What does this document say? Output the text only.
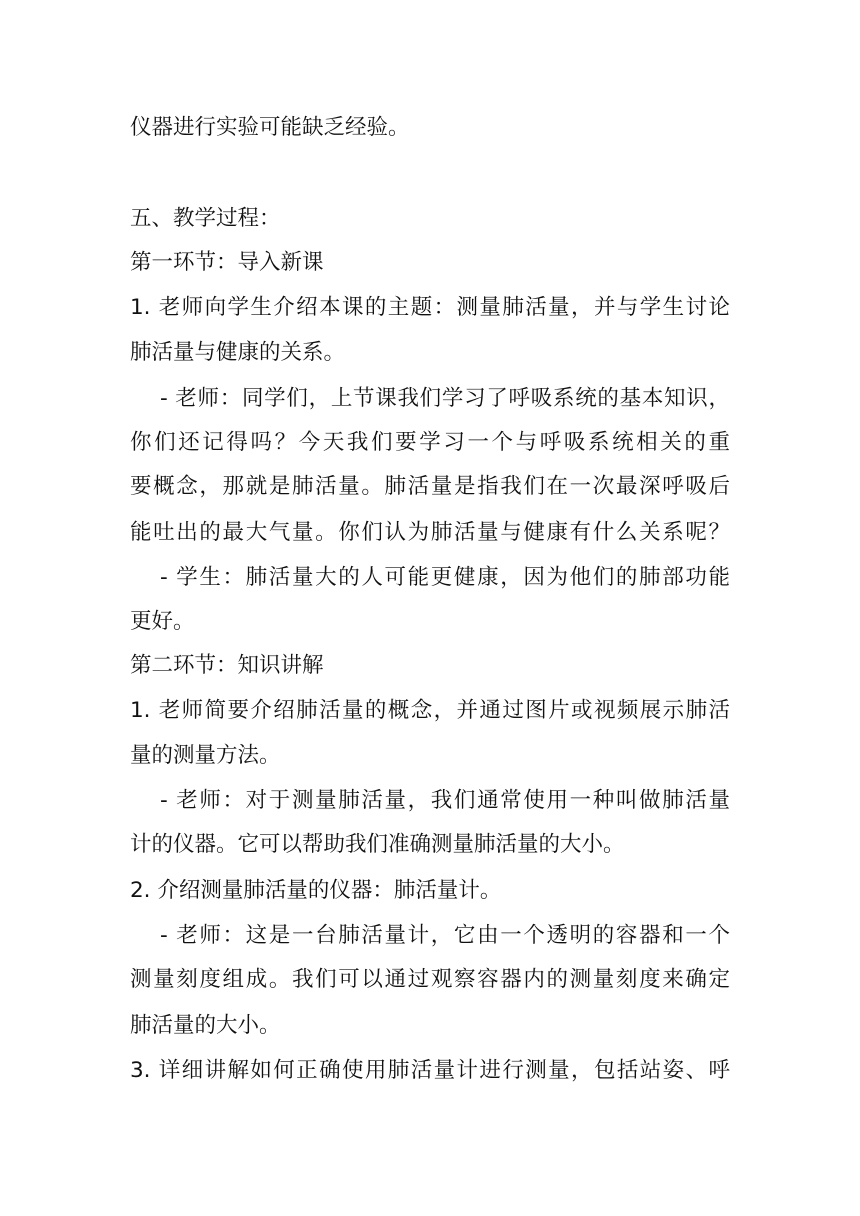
仪器进行实验可能缺乏经验。

五、教学过程：

第一环节：导入新课

1. 老师向学生介绍本课的主题：测量肺活量，并与学生讨论

肺活量与健康的关系。

- 老师：同学们，上节课我们学习了呼吸系统的基本知识，

你们还记得吗？今天我们要学习一个与呼吸系统相关的重

要概念，那就是肺活量。肺活量是指我们在一次最深呼吸后

能吐出的最大气量。你们认为肺活量与健康有什么关系呢？

- 学生：肺活量大的人可能更健康，因为他们的肺部功能

更好。

第二环节：知识讲解

1. 老师简要介绍肺活量的概念，并通过图片或视频展示肺活

量的测量方法。

- 老师：对于测量肺活量，我们通常使用一种叫做肺活量

计的仪器。它可以帮助我们准确测量肺活量的大小。

2. 介绍测量肺活量的仪器：肺活量计。

- 老师：这是一台肺活量计，它由一个透明的容器和一个

测量刻度组成。我们可以通过观察容器内的测量刻度来确定

肺活量的大小。

3. 详细讲解如何正确使用肺活量计进行测量，包括站姿、呼
